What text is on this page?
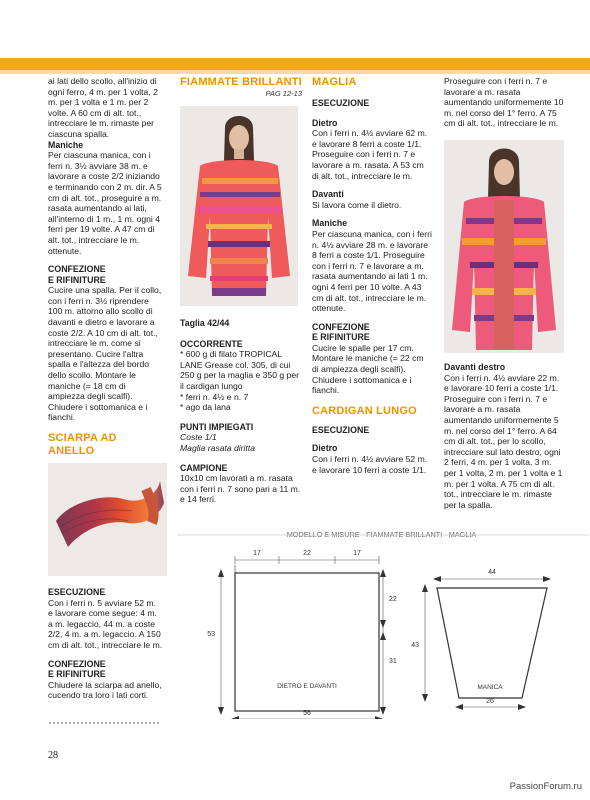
ai lati dello scollo, all'inizio di ogni ferro, 4 m. per 1 volta, 2 m. per 1 volta e 1 m. per 2 volte. A 60 cm di alt. tot., intrecciare le m. rimaste per ciascuna spalla.

Maniche

Per ciascuna manica, con i ferri n. 3½ avviare 38 m. e lavorare a coste 2/2 iniziando e terminando con 2 m. dir. A 5 cm di alt. tot., proseguire a m. rasata aumentando ai lati, all'interno di 1 m., 1 m. ogni 4 ferri per 19 volte. A 47 cm di alt. tot., intrecciare le m. ottenute.

CONFEZIONE

E RIFINITURE

Cucire una spalla. Per il collo, con i ferri n. 3½ riprendere 100 m. attorno allo scollo di davanti e dietro e lavorare a coste 2/2. A 10 cm di alt. tot., intrecciare le m. come si presentano. Cucire l'altra spalla e l'altezza del bordo dello scollo. Montare le maniche (= 18 cm di ampiezza degli scalfi). Chiudere i sottomanica e i fianchi.

SCIARPA AD ANELLO

ESECUZIONE

Con i ferri n. 5 avviare 52 m. e lavorare come segue: 4 m. a m. legaccio, 44 m. a coste 2/2, 4 m. a m. legaccio. A 150 cm di alt. tot., intrecciare le m.

CONFEZIONE

E RIFINITURE

Chiudere la sciarpa ad anello, cucendo tra loro i lati corti.

FIAMMATE BRILLANTI

PAG 12-13

Taglia 42/44

OCCORRENTE

* 600 g di filato TROPICAL LANE Grease col. 305, di cui 250 g per la maglia e 350 g per il cardigan lungo

* ferri n. 4½ e n. 7

* ago da lana

PUNTI IMPIEGATI

Coste 1/1

Maglia rasata diritta

CAMPIONE

10x10 cm lavorati a m. rasata con i ferri n. 7 sono pari a 11 m. e 14 ferri.

MAGLIA

ESECUZIONE

Dietro

Con i ferri n. 4½ avviare 62 m. e lavorare 8 ferri a coste 1/1. Proseguire con i ferri n. 7 e lavorare a m. rasata. A 53 cm di alt. tot., intrecciare le m.

Davanti

Si lavora come il dietro.

Maniche

Per ciascuna manica, con i ferri n. 4½ avviare 28 m. e lavorare 8 ferri a coste 1/1. Proseguire con i ferri n. 7 e lavorare a m. rasata aumentando ai lati 1 m. ogni 4 ferri per 10 volte. A 43 cm di alt. tot., intrecciare le m. ottenute.

CONFEZIONE

E RIFINITURE

Cucire le spalle per 17 cm. Montare le maniche (= 22 cm di ampiezza degli scalfi). Chiudere i sottomanica e i fianchi.

CARDIGAN LUNGO

ESECUZIONE

Dietro

Con i ferri n. 4½ avviare 52 m. e lavorare 10 ferri a coste 1/1.

Proseguire con i ferri n. 7 e lavorare a m. rasata aumentando uniformemente 10 m. nel corso del 1° ferro. A 75 cm di alt. tot., intrecciare le m.

Davanti destro

Con i ferri n. 4½ avviare 22 m. e lavorare 10 ferri a coste 1/1. Proseguire con i ferri n. 7 e lavorare a m. rasata aumentando uniformemente 5 m. nel corso del 1° ferro. A 64 cm di alt. tot., per lo scollo, intrecciare sul lato destro, ogni 2 ferri, 4 m. per 1 volta, 3 m. per 1 volta, 2 m. per 1 volta e 1 m. per 1 volta. A 75 cm di alt. tot., intrecciare le m. rimaste per la spalla.

MODELLO E MISURE · FIAMMATE BRILLANTI · MAGLIA
17	22	17
53
22
31
56
DIETRO E DAVANTI
44
43
26
MANICA
28
PassionForum.ru
